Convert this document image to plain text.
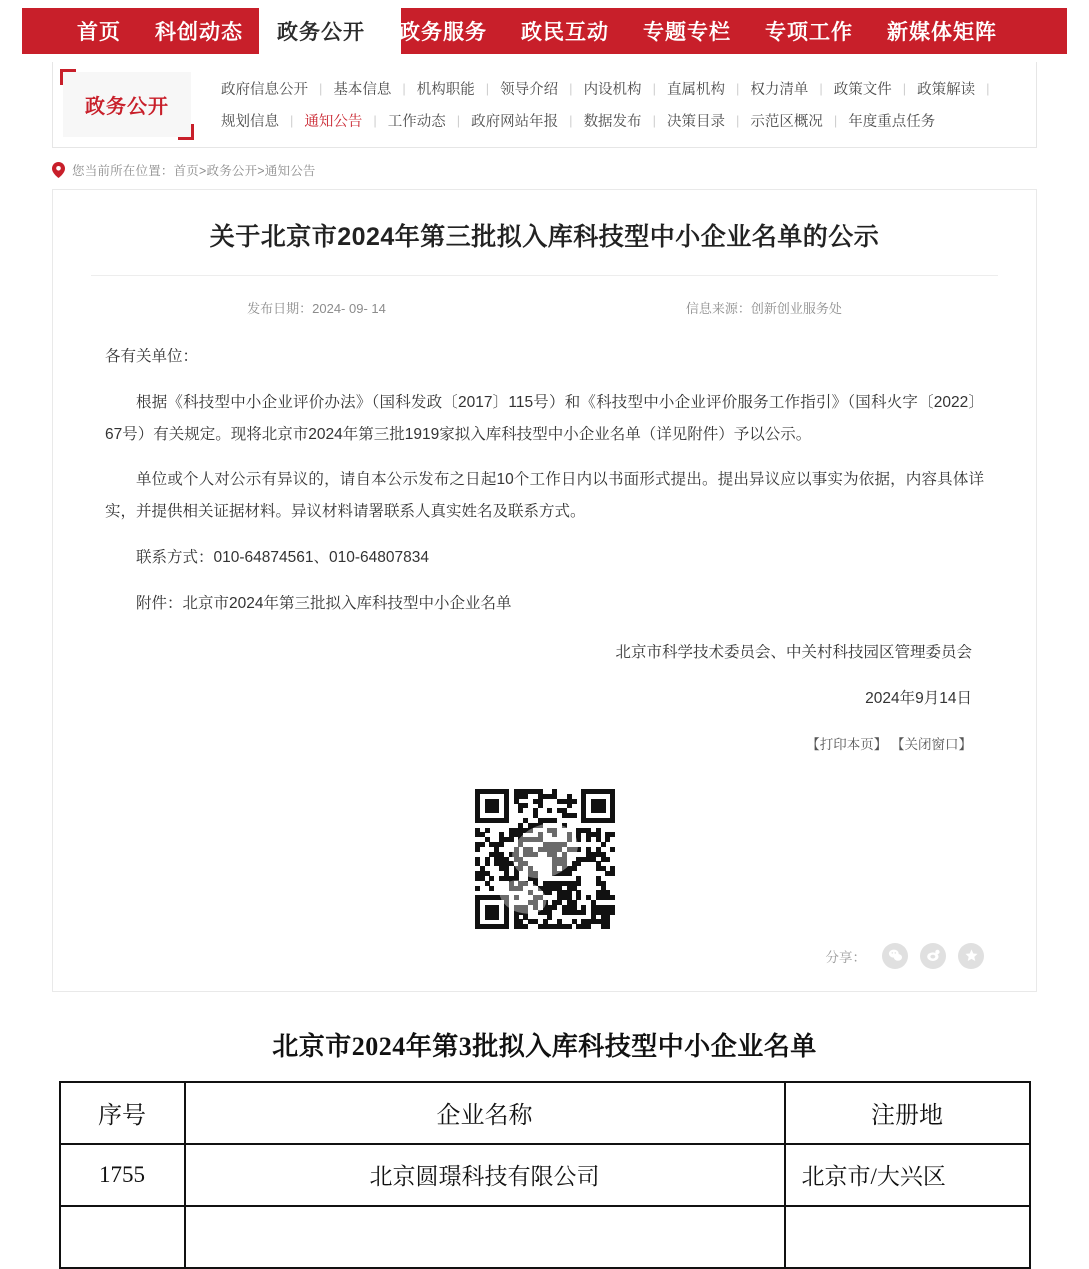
首页	科创动态	政务公开	政务服务	政民互动	专题专栏	专项工作	新媒体矩阵
政务公开
政府信息公开 | 基本信息 | 机构职能 | 领导介绍 | 内设机构 | 直属机构 | 权力清单 | 政策文件 | 政策解读 |
规划信息 | 通知公告 | 工作动态 | 政府网站年报 | 数据发布 | 决策目录 | 示范区概况 | 年度重点任务
您当前所在位置：首页>政务公开>通知公告
关于北京市2024年第三批拟入库科技型中小企业名单的公示
发布日期：2024- 09- 14	信息来源：创新创业服务处

各有关单位：

根据《科技型中小企业评价办法》（国科发政〔2017〕115号）和《科技型中小企业评价服务工作指引》（国科火字〔2022〕67号）有关规定。现将北京市2024年第三批1919家拟入库科技型中小企业名单（详见附件）予以公示。

单位或个人对公示有异议的，请自本公示发布之日起10个工作日内以书面形式提出。提出异议应以事实为依据，内容具体详实，并提供相关证据材料。异议材料请署联系人真实姓名及联系方式。

联系方式：010-64874561、010-64807834

附件：北京市2024年第三批拟入库科技型中小企业名单

北京市科学技术委员会、中关村科技园区管理委员会
2024年9月14日
【打印本页】 【关闭窗口】
分享：
北京市2024年第3批拟入库科技型中小企业名单
序号	企业名称	注册地
1755	北京圆璟科技有限公司	北京市/大兴区
